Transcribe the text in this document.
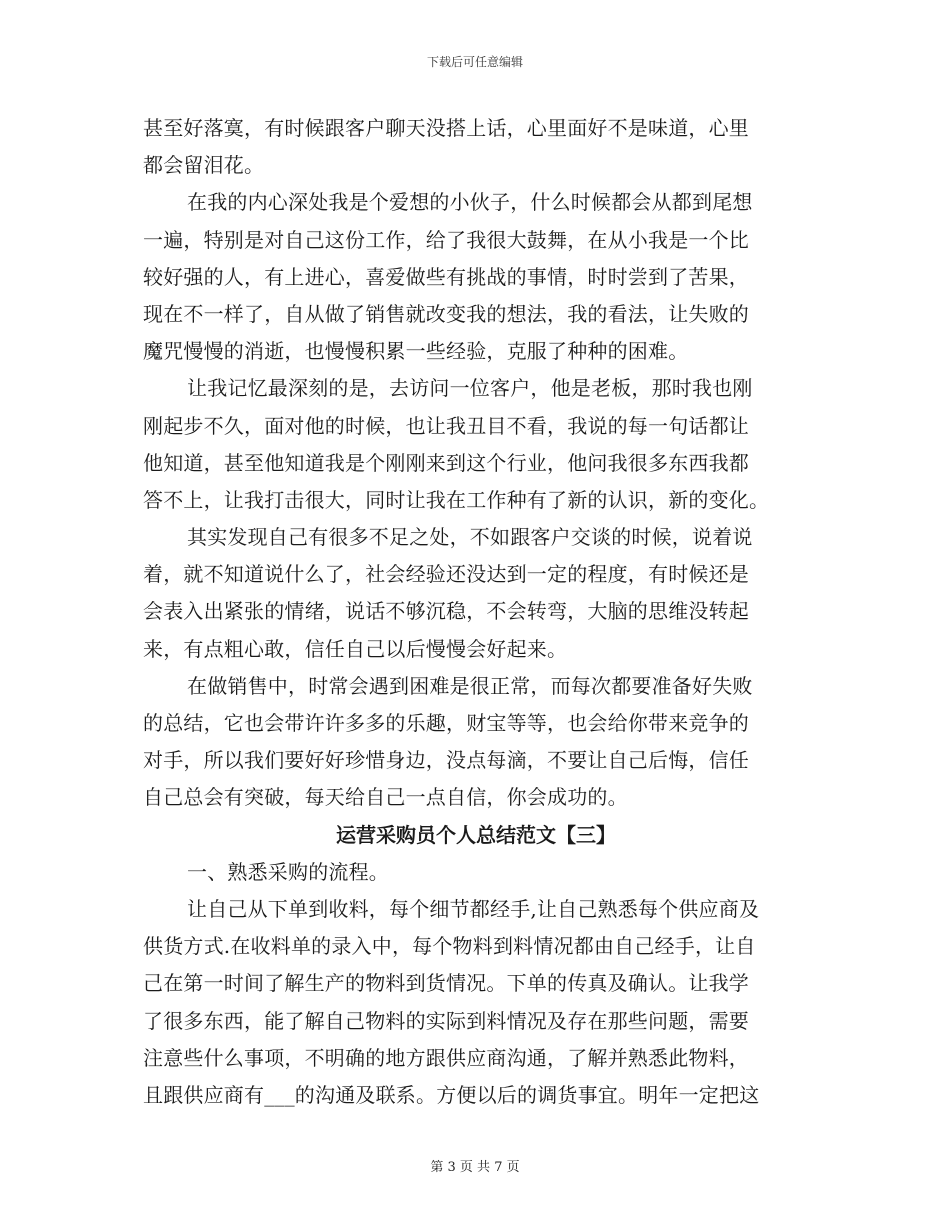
下载后可任意编辑
甚至好落寞，有时候跟客户聊天没搭上话，心里面好不是味道，心里
都会留泪花。
在我的内心深处我是个爱想的小伙子，什么时候都会从都到尾想
一遍，特别是对自己这份工作，给了我很大鼓舞，在从小我是一个比
较好强的人，有上进心，喜爱做些有挑战的事情，时时尝到了苦果，
现在不一样了，自从做了销售就改变我的想法，我的看法，让失败的
魔咒慢慢的消逝，也慢慢积累一些经验，克服了种种的困难。
让我记忆最深刻的是，去访问一位客户，他是老板，那时我也刚
刚起步不久，面对他的时候，也让我丑目不看，我说的每一句话都让
他知道，甚至他知道我是个刚刚来到这个行业，他问我很多东西我都
答不上，让我打击很大，同时让我在工作种有了新的认识，新的变化。
其实发现自己有很多不足之处，不如跟客户交谈的时候，说着说
着，就不知道说什么了，社会经验还没达到一定的程度，有时候还是
会表入出紧张的情绪，说话不够沉稳，不会转弯，大脑的思维没转起
来，有点粗心敢，信任自己以后慢慢会好起来。
在做销售中，时常会遇到困难是很正常，而每次都要准备好失败
的总结，它也会带许许多多的乐趣，财宝等等，也会给你带来竞争的
对手，所以我们要好好珍惜身边，没点每滴，不要让自己后悔，信任
自己总会有突破，每天给自己一点自信，你会成功的。
运营采购员个人总结范文【三】
一、熟悉采购的流程。
让自己从下单到收料，每个细节都经手,让自己熟悉每个供应商及
供货方式.在收料单的录入中，每个物料到料情况都由自己经手，让自
己在第一时间了解生产的物料到货情况。下单的传真及确认。让我学
了很多东西，能了解自己物料的实际到料情况及存在那些问题，需要
注意些什么事项，不明确的地方跟供应商沟通，了解并熟悉此物料，
且跟供应商有___的沟通及联系。方便以后的调货事宜。明年一定把这
第 3 页 共 7 页
